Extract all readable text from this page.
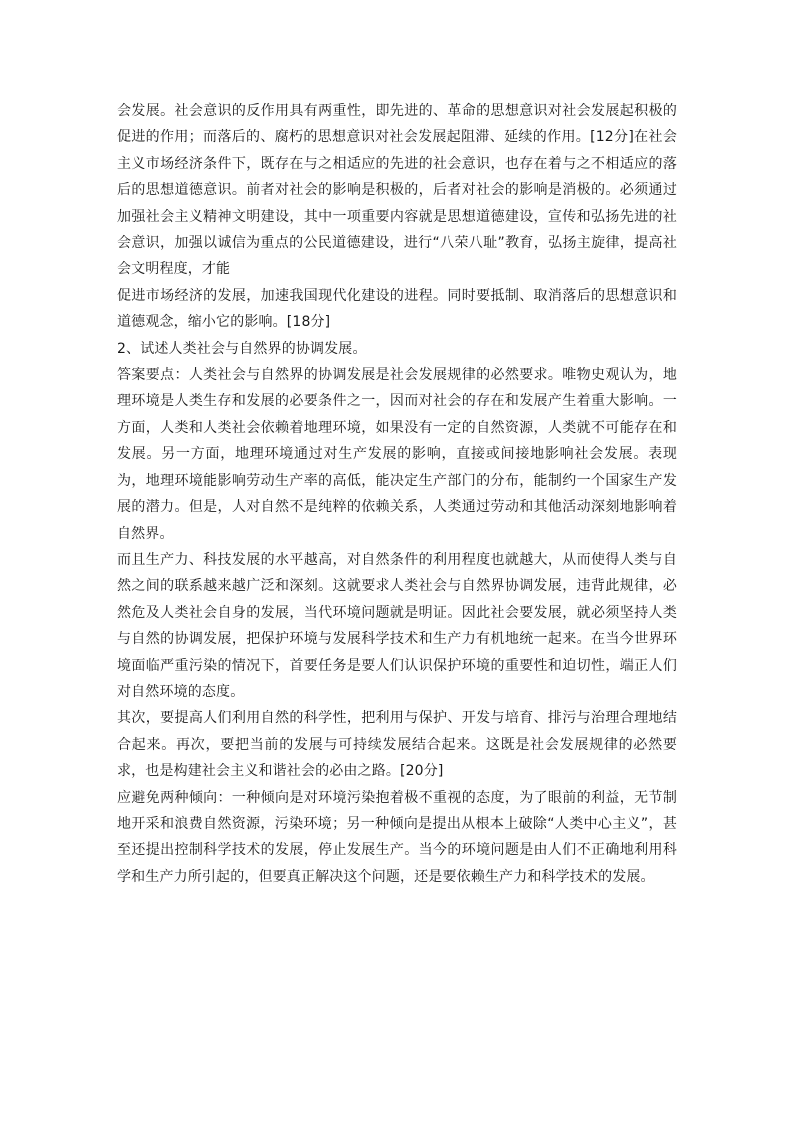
会发展。社会意识的反作用具有两重性，即先进的、革命的思想意识对社会发展起积极的促进的作用；而落后的、腐朽的思想意识对社会发展起阻滞、延续的作用。[12分]在社会主义市场经济条件下，既存在与之相适应的先进的社会意识，也存在着与之不相适应的落后的思想道德意识。前者对社会的影响是积极的，后者对社会的影响是消极的。必须通过加强社会主义精神文明建设，其中一项重要内容就是思想道德建设，宣传和弘扬先进的社会意识，加强以诚信为重点的公民道德建设，进行“八荣八耻”教育，弘扬主旋律，提高社会文明程度，才能

促进市场经济的发展，加速我国现代化建设的进程。同时要抵制、取消落后的思想意识和道德观念，缩小它的影响。[18分]

2、试述人类社会与自然界的协调发展。

答案要点：人类社会与自然界的协调发展是社会发展规律的必然要求。唯物史观认为，地理环境是人类生存和发展的必要条件之一，因而对社会的存在和发展产生着重大影响。一方面，人类和人类社会依赖着地理环境，如果没有一定的自然资源，人类就不可能存在和发展。另一方面，地理环境通过对生产发展的影响，直接或间接地影响社会发展。表现为，地理环境能影响劳动生产率的高低，能决定生产部门的分布，能制约一个国家生产发展的潜力。但是，人对自然不是纯粹的依赖关系，人类通过劳动和其他活动深刻地影响着自然界。

而且生产力、科技发展的水平越高，对自然条件的利用程度也就越大，从而使得人类与自然之间的联系越来越广泛和深刻。这就要求人类社会与自然界协调发展，违背此规律，必然危及人类社会自身的发展，当代环境问题就是明证。因此社会要发展，就必须坚持人类与自然的协调发展，把保护环境与发展科学技术和生产力有机地统一起来。在当今世界环境面临严重污染的情况下，首要任务是要人们认识保护环境的重要性和迫切性，端正人们对自然环境的态度。

其次，要提高人们利用自然的科学性，把利用与保护、开发与培育、排污与治理合理地结合起来。再次，要把当前的发展与可持续发展结合起来。这既是社会发展规律的必然要求，也是构建社会主义和谐社会的必由之路。[20分]

应避免两种倾向：一种倾向是对环境污染抱着极不重视的态度，为了眼前的利益，无节制地开采和浪费自然资源，污染环境；另一种倾向是提出从根本上破除“人类中心主义”，甚至还提出控制科学技术的发展，停止发展生产。当今的环境问题是由人们不正确地利用科学和生产力所引起的，但要真正解决这个问题，还是要依赖生产力和科学技术的发展。
